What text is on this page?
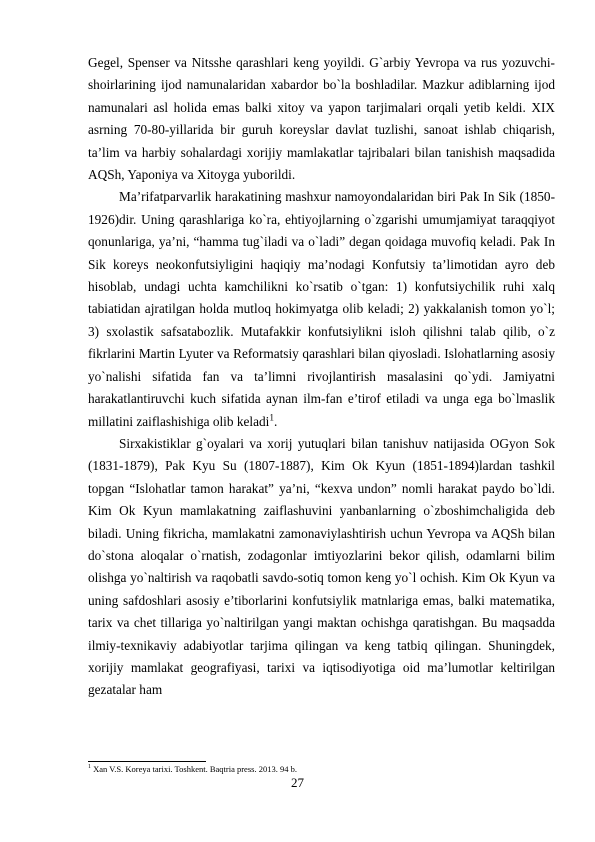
Gegel, Spenser va Nitsshe qarashlari keng yoyildi. G`arbiy Yevropa va rus yozuvchi-shoirlarining ijod namunalaridan xabardor bo`la boshladilar. Mazkur adiblarning ijod namunalari asl holida emas balki xitoy va yapon tarjimalari orqali yetib keldi. XIX asrning 70-80-yillarida bir guruh koreyslar davlat tuzlishi, sanoat ishlab chiqarish, ta’lim va harbiy sohalardagi xorijiy mamlakatlar tajribalari bilan tanishish maqsadida AQSh, Yaponiya va Xitoyga yuborildi.

Ma’rifatparvarlik harakatining mashxur namoyondalaridan biri Pak In Sik (1850-1926)dir. Uning qarashlariga ko`ra, ehtiyojlarning o`zgarishi umumjamiyat taraqqiyot qonunlariga, ya’ni, “hamma tug`iladi va o`ladi” degan qoidaga muvofiq keladi. Pak In Sik koreys neokonfutsiyligini haqiqiy ma’nodagi Konfutsiy ta’limotidan ayro deb hisoblab, undagi uchta kamchilikni ko`rsatib o`tgan: 1) konfutsiychilik ruhi xalq tabiatidan ajratilgan holda mutloq hokimyatga olib keladi; 2) yakkalanish tomon yo`l; 3) sxolastik safsatabozlik. Mutafakkir konfutsiylikni isloh qilishni talab qilib, o`z fikrlarini Martin Lyuter va Reformatsiy qarashlari bilan qiyosladi. Islohatlarning asosiy yo`nalishi sifatida fan va ta’limni rivojlantirish masalasini qo`ydi. Jamiyatni harakatlantiruvchi kuch sifatida aynan ilm-fan e’tirof etiladi va unga ega bo`lmaslik millatini zaiflashishiga olib keladi$^1$.

Sirxakistiklar g`oyalari va xorij yutuqlari bilan tanishuv natijasida OGyon Sok (1831-1879), Pak Kyu Su (1807-1887), Kim Ok Kyun (1851-1894)lardan tashkil topgan “Islohatlar tamon harakat” ya’ni, “kexva undon” nomli harakat paydo bo`ldi. Kim Ok Kyun mamlakatning zaiflashuvini yanbanlarning o`zboshimchaligida deb biladi. Uning fikricha, mamlakatni zamonaviylashtirish uchun Yevropa va AQSh bilan do`stona aloqalar o`rnatish, zodagonlar imtiyozlarini bekor qilish, odamlarni bilim olishga yo`naltirish va raqobatli savdo-sotiq tomon keng yo`l ochish. Kim Ok Kyun va uning safdoshlari asosiy e’tiborlarini konfutsiylik matnlariga emas, balki matematika, tarix va chet tillariga yo`naltirilgan yangi maktan ochishga qaratishgan. Bu maqsadda ilmiy-texnikaviy adabiyotlar tarjima qilingan va keng tatbiq qilingan. Shuningdek, xorijiy mamlakat geografiyasi, tarixi va iqtisodiyotiga oid ma’lumotlar keltirilgan gezatalar ham

$^1$ Xan V.S. Koreya tarixi. Toshkent. Baqtria press. 2013. 94 b.
27
